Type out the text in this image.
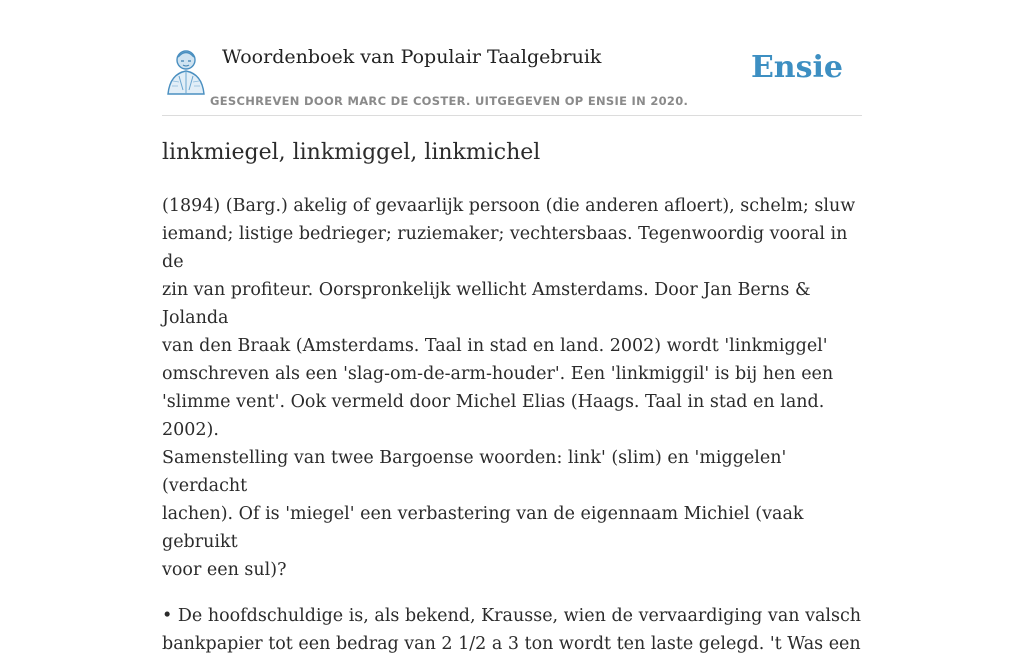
Woordenboek van Populair Taalgebruik
GESCHREVEN DOOR MARC DE COSTER. UITGEGEVEN OP ENSIE IN 2020.
Ensie
linkmiegel, linkmiggel, linkmichel

(1894) (Barg.) akelig of gevaarlijk persoon (die anderen afloert), schelm; sluw
iemand; listige bedrieger; ruziemaker; vechtersbaas. Tegenwoordig vooral in de
zin van profiteur. Oorspronkelijk wellicht Amsterdams. Door Jan Berns & Jolanda
van den Braak (Amsterdams. Taal in stad en land. 2002) wordt 'linkmiggel'
omschreven als een 'slag-om-de-arm-houder'. Een 'linkmiggil' is bij hen een
'slimme vent'. Ook vermeld door Michel Elias (Haags. Taal in stad en land. 2002).
Samenstelling van twee Bargoense woorden: link' (slim) en 'miggelen' (verdacht
lachen). Of is 'miegel' een verbastering van de eigennaam Michiel (vaak gebruikt
voor een sul)?

• De hoofdschuldige is, als bekend, Krausse, wien de vervaardiging van valsch
bankpapier tot een bedrag van 2 1/2 a 3 ton wordt ten laste gelegd. 't Was een
